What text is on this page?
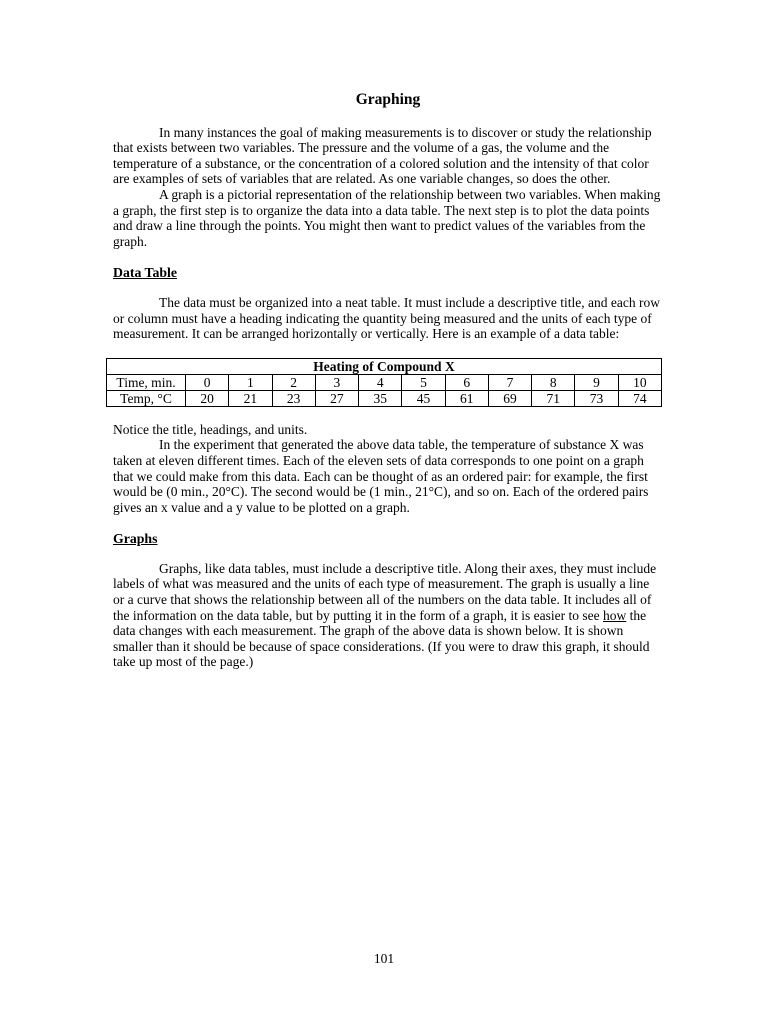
Graphing

In many instances the goal of making measurements is to discover or study the relationship that exists between two variables. The pressure and the volume of a gas, the volume and the temperature of a substance, or the concentration of a colored solution and the intensity of that color are examples of sets of variables that are related. As one variable changes, so does the other.

A graph is a pictorial representation of the relationship between two variables. When making a graph, the first step is to organize the data into a data table. The next step is to plot the data points and draw a line through the points. You might then want to predict values of the variables from the graph.

Data Table

The data must be organized into a neat table. It must include a descriptive title, and each row or column must have a heading indicating the quantity being measured and the units of each type of measurement. It can be arranged horizontally or vertically. Here is an example of a data table:

Heating of Compound X											
Time, min.	0	1	2	3	4	5	6	7	8	9	10
Temp, °C	20	21	23	27	35	45	61	69	71	73	74

Notice the title, headings, and units.

In the experiment that generated the above data table, the temperature of substance X was taken at eleven different times. Each of the eleven sets of data corresponds to one point on a graph that we could make from this data. Each can be thought of as an ordered pair: for example, the first would be (0 min., 20°C). The second would be (1 min., 21°C), and so on. Each of the ordered pairs gives an x value and a y value to be plotted on a graph.

Graphs

Graphs, like data tables, must include a descriptive title. Along their axes, they must include labels of what was measured and the units of each type of measurement. The graph is usually a line or a curve that shows the relationship between all of the numbers on the data table. It includes all of the information on the data table, but by putting it in the form of a graph, it is easier to see how the data changes with each measurement. The graph of the above data is shown below. It is shown smaller than it should be because of space considerations. (If you were to draw this graph, it should take up most of the page.)

101
